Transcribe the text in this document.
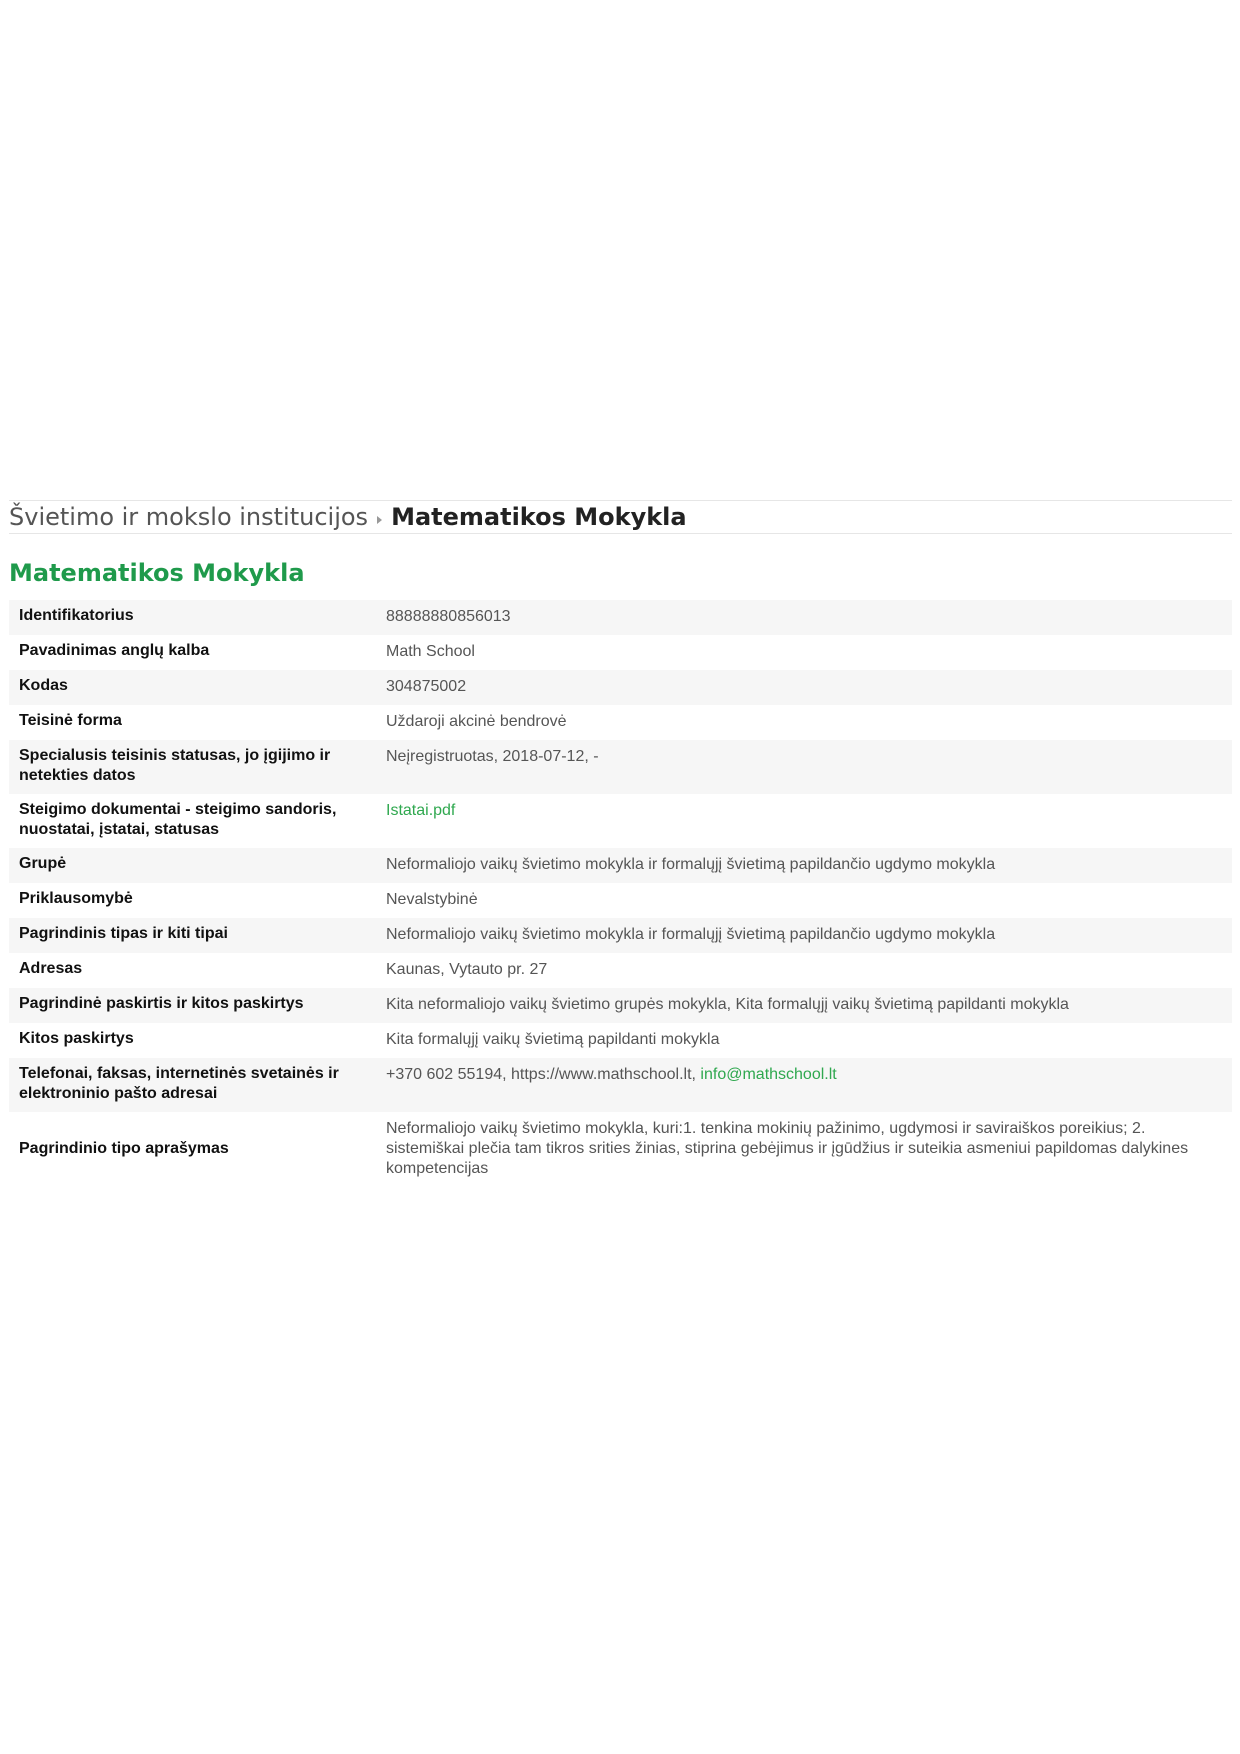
Švietimo ir mokslo institucijos Matematikos Mokykla
Matematikos Mokykla
Identifikatorius	88888880856013
Pavadinimas anglų kalba	Math School
Kodas	304875002
Teisinė forma	Uždaroji akcinė bendrovė
Specialusis teisinis statusas, jo įgijimo ir netekties datos	Neįregistruotas, 2018-07-12, -
Steigimo dokumentai - steigimo sandoris, nuostatai, įstatai, statusas	Istatai.pdf
Grupė	Neformaliojo vaikų švietimo mokykla ir formalųjį švietimą papildančio ugdymo mokykla
Priklausomybė	Nevalstybinė
Pagrindinis tipas ir kiti tipai	Neformaliojo vaikų švietimo mokykla ir formalųjį švietimą papildančio ugdymo mokykla
Adresas	Kaunas, Vytauto pr. 27
Pagrindinė paskirtis ir kitos paskirtys	Kita neformaliojo vaikų švietimo grupės mokykla, Kita formalųjį vaikų švietimą papildanti mokykla
Kitos paskirtys	Kita formalųjį vaikų švietimą papildanti mokykla
Telefonai, faksas, internetinės svetainės ir elektroninio pašto adresai	+370 602 55194, https://www.mathschool.lt, info@mathschool.lt
Pagrindinio tipo aprašymas	Neformaliojo vaikų švietimo mokykla, kuri:1. tenkina mokinių pažinimo, ugdymosi ir saviraiškos poreikius; 2. sistemiškai plečia tam tikros srities žinias, stiprina gebėjimus ir įgūdžius ir suteikia asmeniui papildomas dalykines kompetencijas
